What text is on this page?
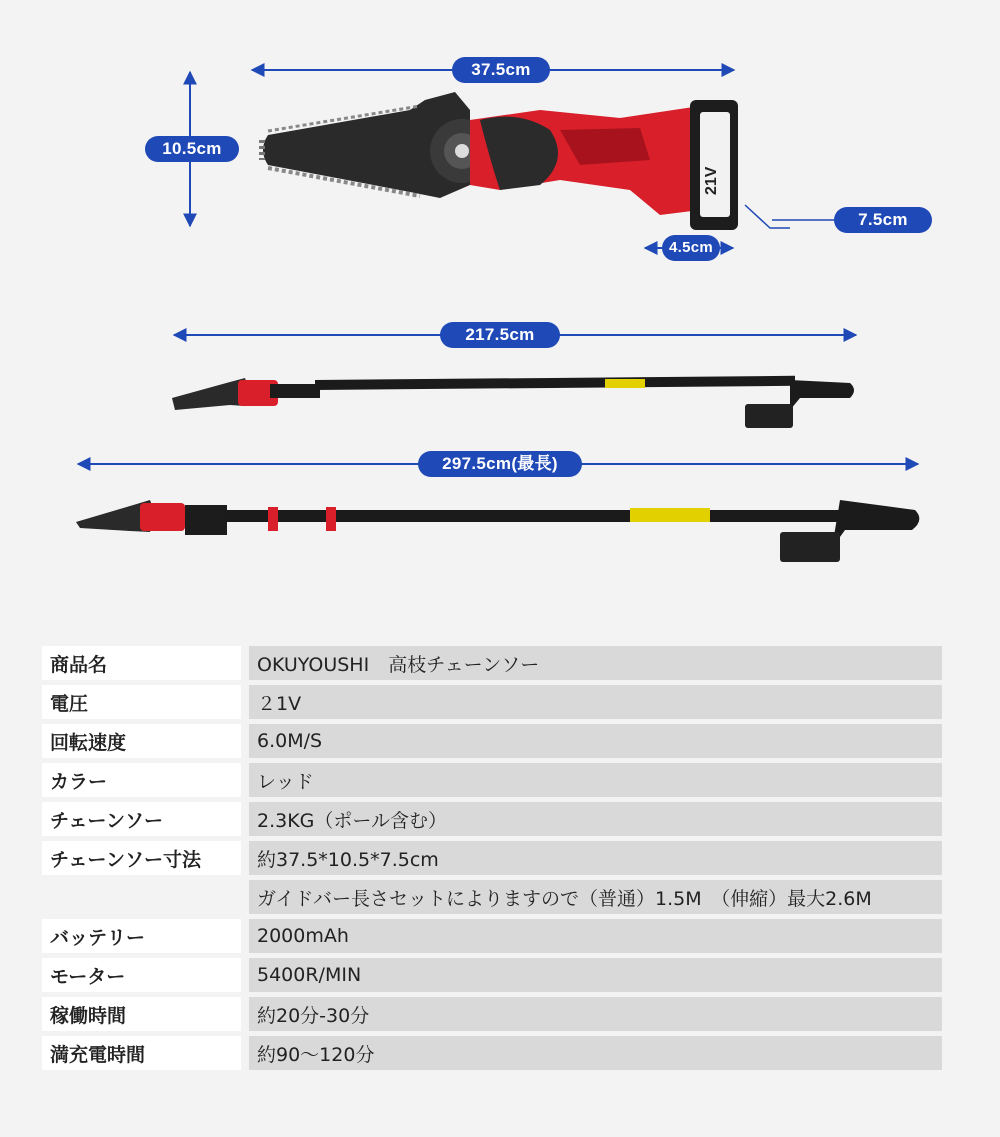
21V
37.5cm
10.5cm
7.5cm
4.5cm
217.5cm
297.5cm(最長)
商品名		OKUYOUSHI　高枝チェーンソー
電圧		２1V
回転速度		6.0M/S
カラー		レッド
チェーンソー		2.3KG（ポール含む）
チェーンソー寸法		約37.5*10.5*7.5cm
		ガイドバー長さセットによりますので（普通）1.5M　（伸縮）最大2.6M
バッテリー		2000mAh
モーター		5400R/MIN
稼働時間		約20分-30分
満充電時間		約90～120分
